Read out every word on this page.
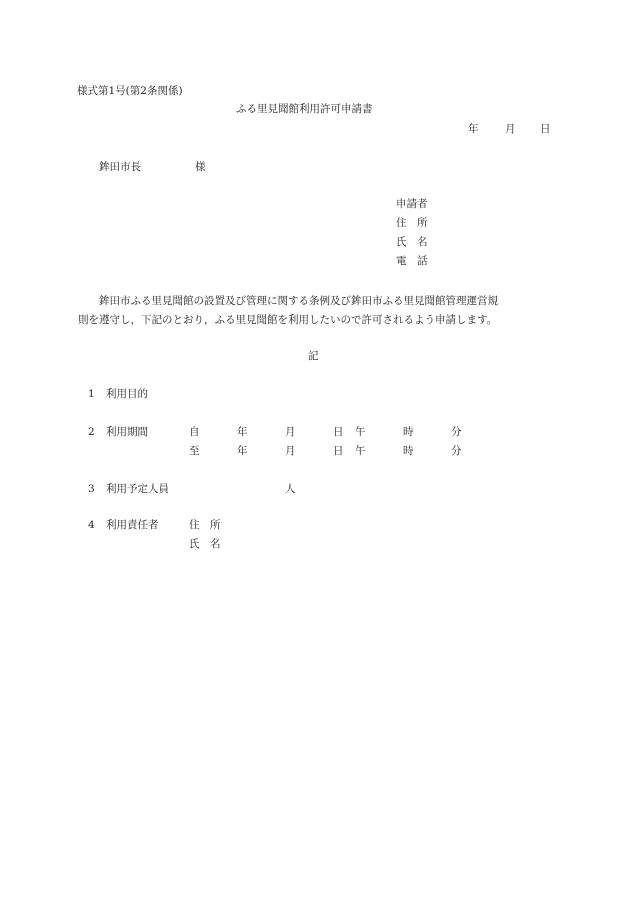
様式第1号(第2条関係)
ふる里見聞館利用許可申請書
年	月 日
鉾田市長	様
申請者
住　所
氏　名
電　話
鉾田市ふる里見聞館の設置及び管理に関する条例及び鉾田市ふる里見聞館管理運営規
則を遵守し，下記のとおり，ふる里見聞館を利用したいので許可されるよう申請します。
記
1 利用目的
2 利用期間	自	年	月	日 午	時	分
至	年	月	日 午	時	分
3 利用予定人員	人
4 利用責任者	住　所
氏　名
